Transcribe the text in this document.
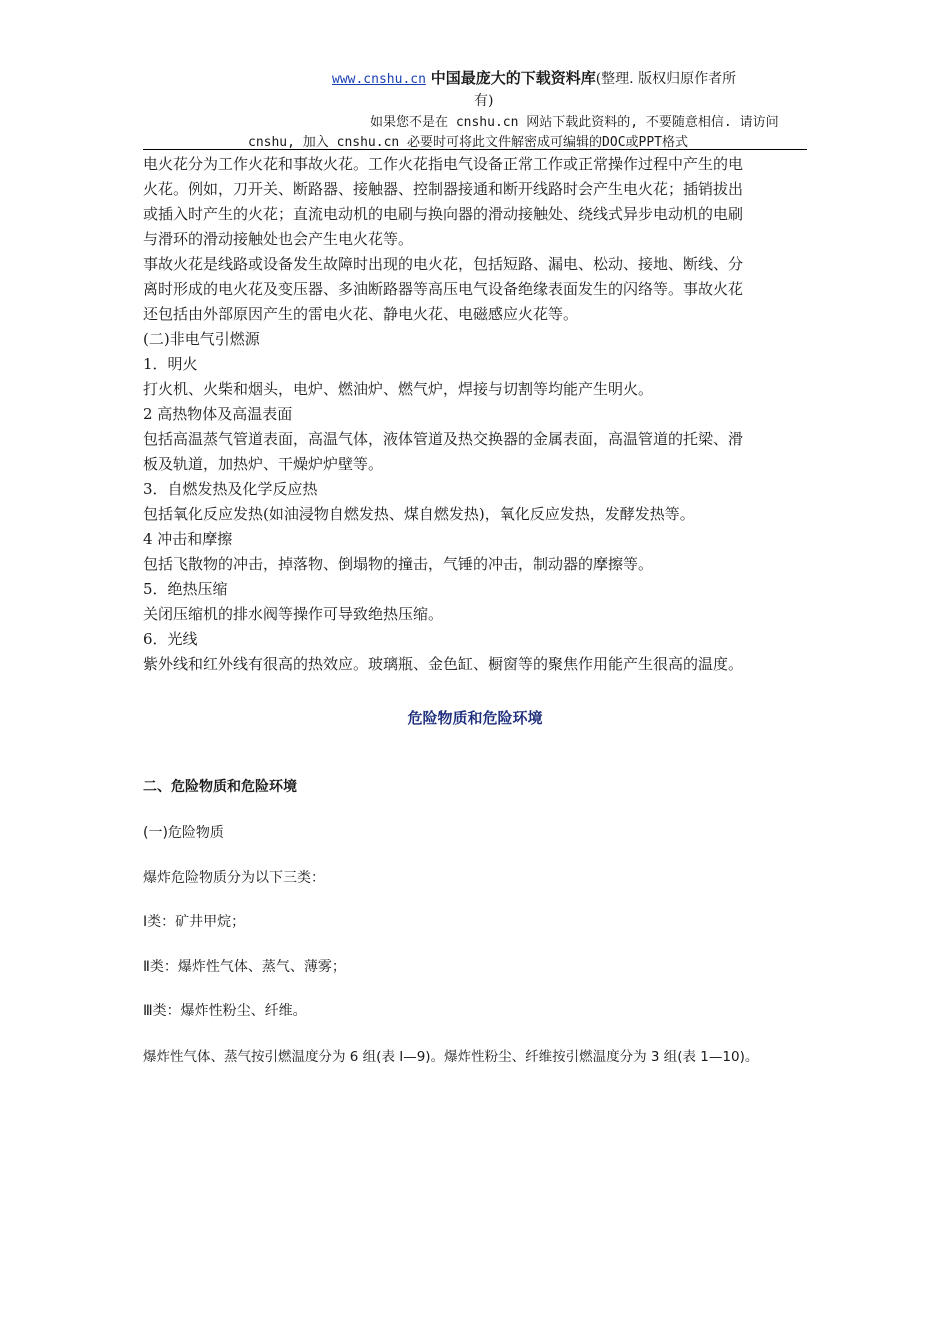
www.cnshu.cn 中国最庞大的下载资料库(整理. 版权归原作者所
有)
如果您不是在 cnshu.cn 网站下载此资料的, 不要随意相信. 请访问
cnshu, 加入 cnshu.cn 必要时可将此文件解密成可编辑的DOC或PPT格式

电火花分为工作火花和事故火花。工作火花指电气设备正常工作或正常操作过程中产生的电

火花。例如，刀开关、断路器、接触器、控制器接通和断开线路时会产生电火花；插销拔出

或插入时产生的火花；直流电动机的电刷与换向器的滑动接触处、绕线式异步电动机的电刷

与滑环的滑动接触处也会产生电火花等。

事故火花是线路或设备发生故障时出现的电火花，包括短路、漏电、松动、接地、断线、分

离时形成的电火花及变压器、多油断路器等高压电气设备绝缘表面发生的闪络等。事故火花

还包括由外部原因产生的雷电火花、静电火花、电磁感应火花等。

(二)非电气引燃源

1．明火

打火机、火柴和烟头，电炉、燃油炉、燃气炉，焊接与切割等均能产生明火。

2 高热物体及高温表面

包括高温蒸气管道表面，高温气体，液体管道及热交换器的金属表面，高温管道的托梁、滑

板及轨道，加热炉、干燥炉炉壁等。

3．自燃发热及化学反应热

包括氧化反应发热(如油浸物自燃发热、煤自燃发热)，氧化反应发热，发酵发热等。

4 冲击和摩擦

包括飞散物的冲击，掉落物、倒塌物的撞击，气锤的冲击，制动器的摩擦等。

5．绝热压缩

关闭压缩机的排水阀等操作可导致绝热压缩。

6．光线

紫外线和红外线有很高的热效应。玻璃瓶、金色缸、橱窗等的聚焦作用能产生很高的温度。

危险物质和危险环境
二、危险物质和危险环境
(一)危险物质
爆炸危险物质分为以下三类：
Ⅰ类：矿井甲烷；
Ⅱ类：爆炸性气体、蒸气、薄雾；
Ⅲ类：爆炸性粉尘、纤维。
爆炸性气体、蒸气按引燃温度分为 6 组(表 Ⅰ—9)。爆炸性粉尘、纤维按引燃温度分为 3 组(表 1—10)。
